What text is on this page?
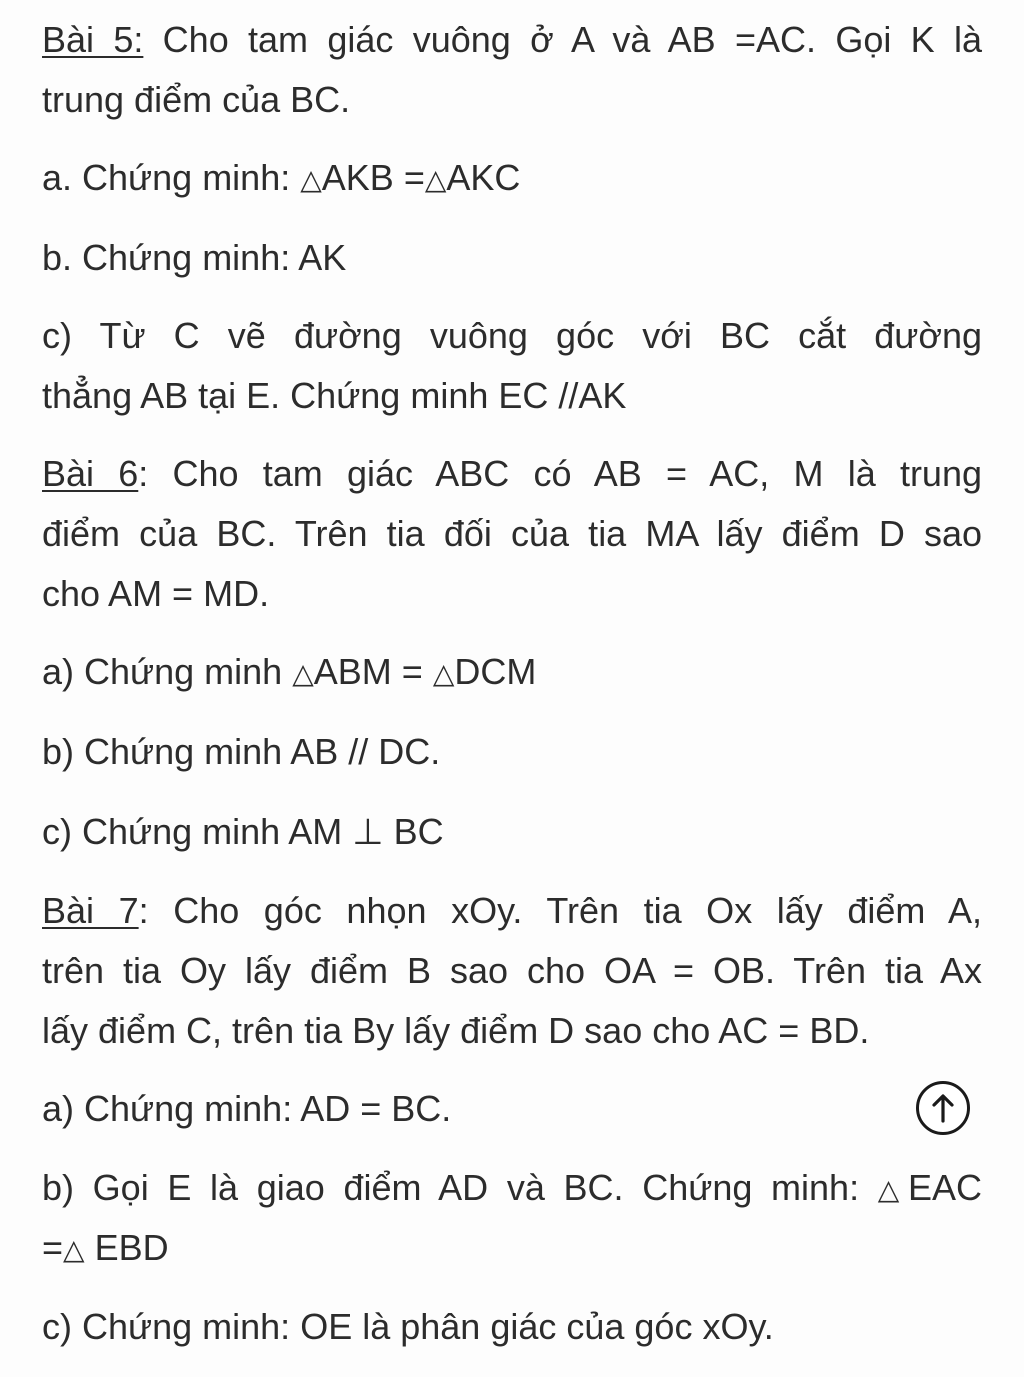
Bài 5: Cho tam giác vuông ở A và AB =AC. Gọi K là
trung điểm của BC.
a. Chứng minh: △AKB =△AKC
b. Chứng minh: AK
c) Từ C vẽ đường vuông góc với BC cắt đường
thẳng AB tại E. Chứng minh EC //AK
Bài 6: Cho tam giác ABC có AB = AC, M là trung
điểm của BC. Trên tia đối của tia MA lấy điểm D sao
cho AM = MD.
a) Chứng minh △ABM = △DCM
b) Chứng minh AB // DC.
c) Chứng minh AM ⊥ BC
Bài 7: Cho góc nhọn xOy. Trên tia Ox lấy điểm A,
trên tia Oy lấy điểm B sao cho OA = OB. Trên tia Ax
lấy điểm C, trên tia By lấy điểm D sao cho AC = BD.
a) Chứng minh: AD = BC.
b) Gọi E là giao điểm AD và BC. Chứng minh: △EAC
=△ EBD
c) Chứng minh: OE là phân giác của góc xOy.
